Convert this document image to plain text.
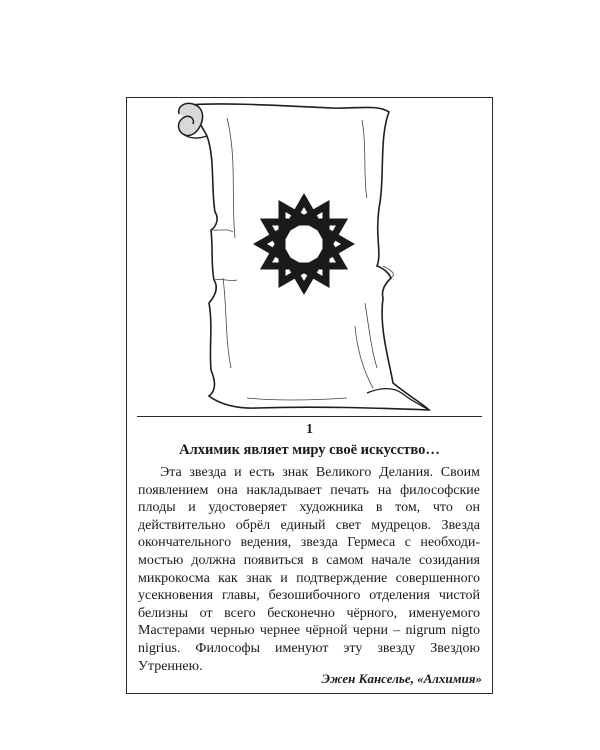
1
Алхимик являет миру своё искусство…

Эта звезда и есть знак Великого Делания. Своим появлением она накладывает печать на философские плоды и удостоверяет художника в том, что он действительно обрёл единый свет мудрецов. Звезда окончательного ведения, звезда Гермеса с необходимостью должна появиться в самом начале созидания микрокосма как знак и подтверждение совершенного усекновения главы, безошибочного отделения чистой белизны от всего бесконечно чёрного, именуемого Мастерами чернью чернее чёрной черни – nigrum nigto nigrius. Философы именуют эту звезду Звездою Утреннею.

Эжен Канселье, «Алхимия»
